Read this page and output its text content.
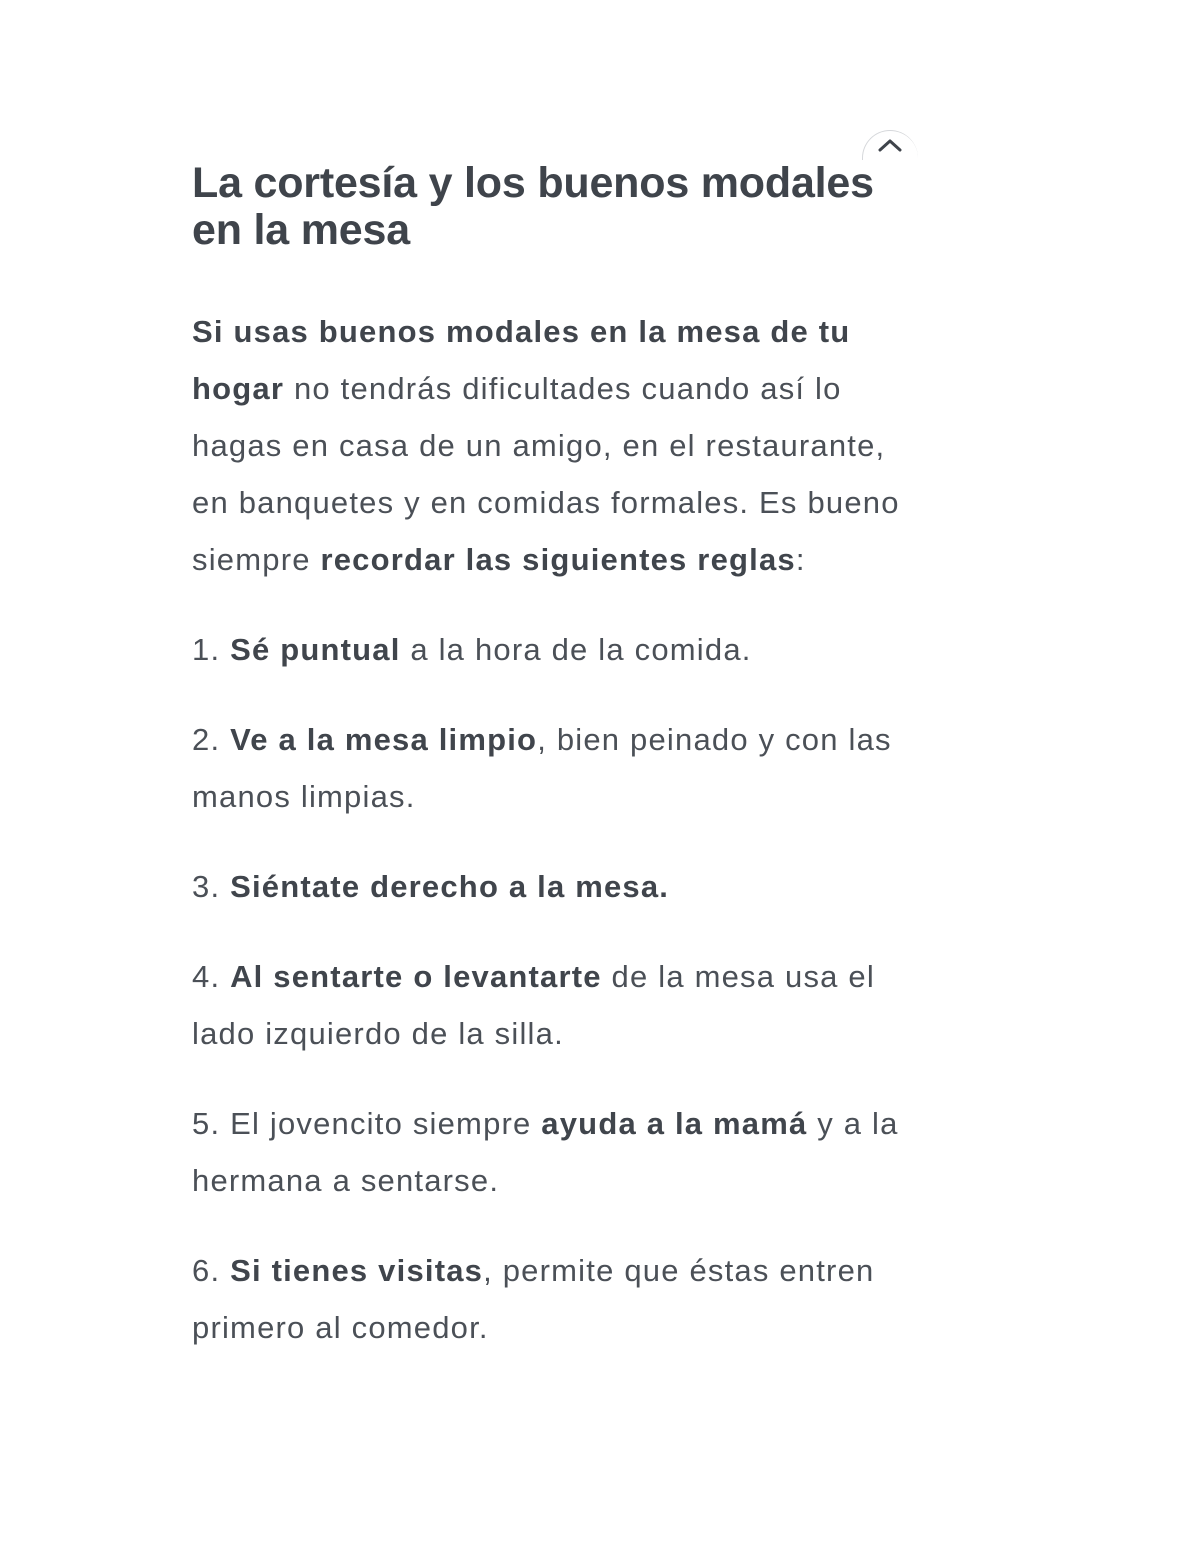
La cortesía y los buenos modales en la mesa

Si usas buenos modales en la mesa de tu hogar no tendrás dificultades cuando así lo hagas en casa de un amigo, en el restaurante, en banquetes y en comidas formales. Es bueno siempre recordar las siguientes reglas:

1. Sé puntual a la hora de la comida.

2. Ve a la mesa limpio, bien peinado y con las manos limpias.

3. Siéntate derecho a la mesa.

4. Al sentarte o levantarte de la mesa usa el lado izquierdo de la silla.

5. El jovencito siempre ayuda a la mamá y a la hermana a sentarse.

6. Si tienes visitas, permite que éstas entren primero al comedor.
